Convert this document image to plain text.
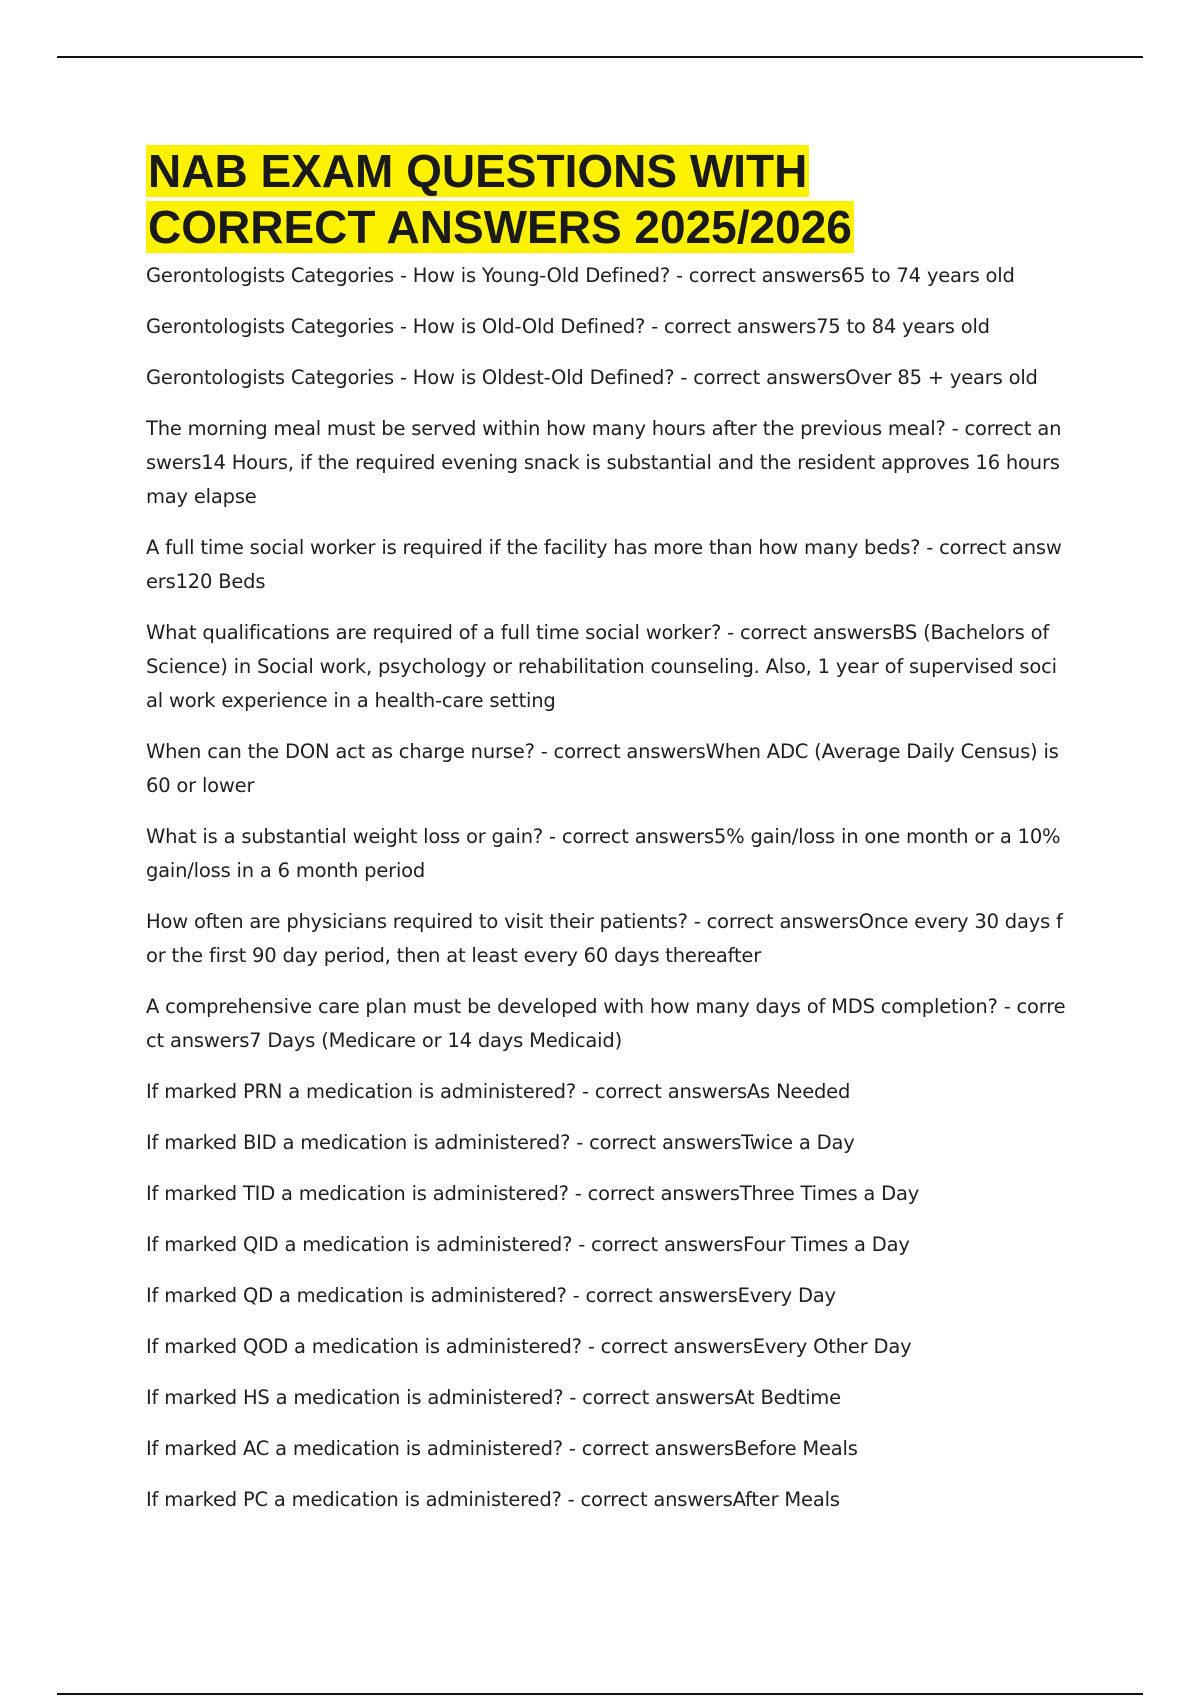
NAB EXAM QUESTIONS WITH
CORRECT ANSWERS 2025/2026

Gerontologists Categories - How is Young-Old Defined? - correct answers65 to 74 years old

Gerontologists Categories - How is Old-Old Defined? - correct answers75 to 84 years old

Gerontologists Categories - How is Oldest-Old Defined? - correct answersOver 85 + years old

The morning meal must be served within how many hours after the previous meal? - correct answers14 Hours, if the required evening snack is substantial and the resident approves 16 hours may elapse

A full time social worker is required if the facility has more than how many beds? - correct answers120 Beds

What qualifications are required of a full time social worker? - correct answersBS (Bachelors of Science) in Social work, psychology or rehabilitation counseling. Also, 1 year of supervised social work experience in a health-care setting

When can the DON act as charge nurse? - correct answersWhen ADC (Average Daily Census) is 60 or lower

What is a substantial weight loss or gain? - correct answers5% gain/loss in one month or a 10% gain/loss in a 6 month period

How often are physicians required to visit their patients? - correct answersOnce every 30 days for the first 90 day period, then at least every 60 days thereafter

A comprehensive care plan must be developed with how many days of MDS completion? - correct answers7 Days (Medicare or 14 days Medicaid)

If marked PRN a medication is administered? - correct answersAs Needed

If marked BID a medication is administered? - correct answersTwice a Day

If marked TID a medication is administered? - correct answersThree Times a Day

If marked QID a medication is administered? - correct answersFour Times a Day

If marked QD a medication is administered? - correct answersEvery Day

If marked QOD a medication is administered? - correct answersEvery Other Day

If marked HS a medication is administered? - correct answersAt Bedtime

If marked AC a medication is administered? - correct answersBefore Meals

If marked PC a medication is administered? - correct answersAfter Meals
